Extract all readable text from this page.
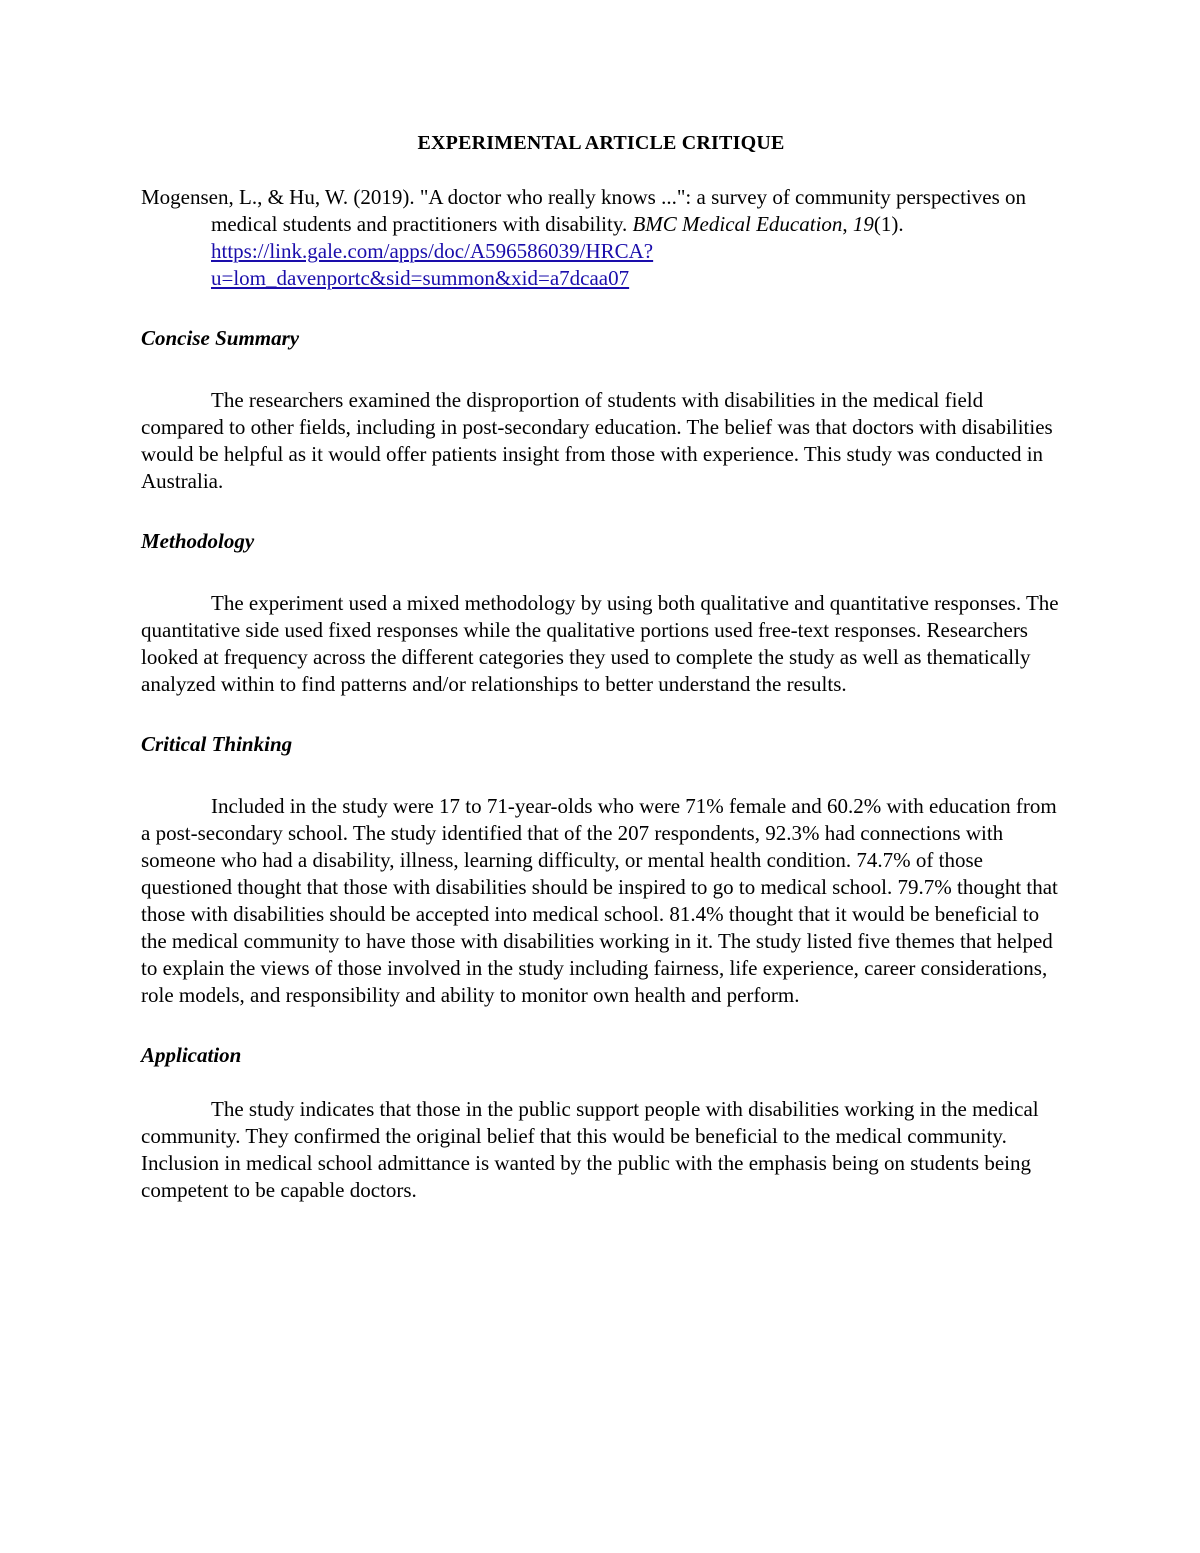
EXPERIMENTAL ARTICLE CRITIQUE

Mogensen, L., & Hu, W. (2019). "A doctor who really knows ...": a survey of community perspectives on medical students and practitioners with disability. BMC Medical Education, 19(1). https://link.gale.com/apps/doc/A596586039/HRCA?u=lom_davenportc&sid=summon&xid=a7dcaa07

Concise Summary

The researchers examined the disproportion of students with disabilities in the medical field compared to other fields, including in post-secondary education. The belief was that doctors with disabilities would be helpful as it would offer patients insight from those with experience. This study was conducted in Australia.

Methodology

The experiment used a mixed methodology by using both qualitative and quantitative responses. The quantitative side used fixed responses while the qualitative portions used free-text responses. Researchers looked at frequency across the different categories they used to complete the study as well as thematically analyzed within to find patterns and/or relationships to better understand the results.

Critical Thinking

Included in the study were 17 to 71-year-olds who were 71% female and 60.2% with education from a post-secondary school. The study identified that of the 207 respondents, 92.3% had connections with someone who had a disability, illness, learning difficulty, or mental health condition. 74.7% of those questioned thought that those with disabilities should be inspired to go to medical school. 79.7% thought that those with disabilities should be accepted into medical school. 81.4% thought that it would be beneficial to the medical community to have those with disabilities working in it. The study listed five themes that helped to explain the views of those involved in the study including fairness, life experience, career considerations, role models, and responsibility and ability to monitor own health and perform.

Application

The study indicates that those in the public support people with disabilities working in the medical community. They confirmed the original belief that this would be beneficial to the medical community. Inclusion in medical school admittance is wanted by the public with the emphasis being on students being competent to be capable doctors.
